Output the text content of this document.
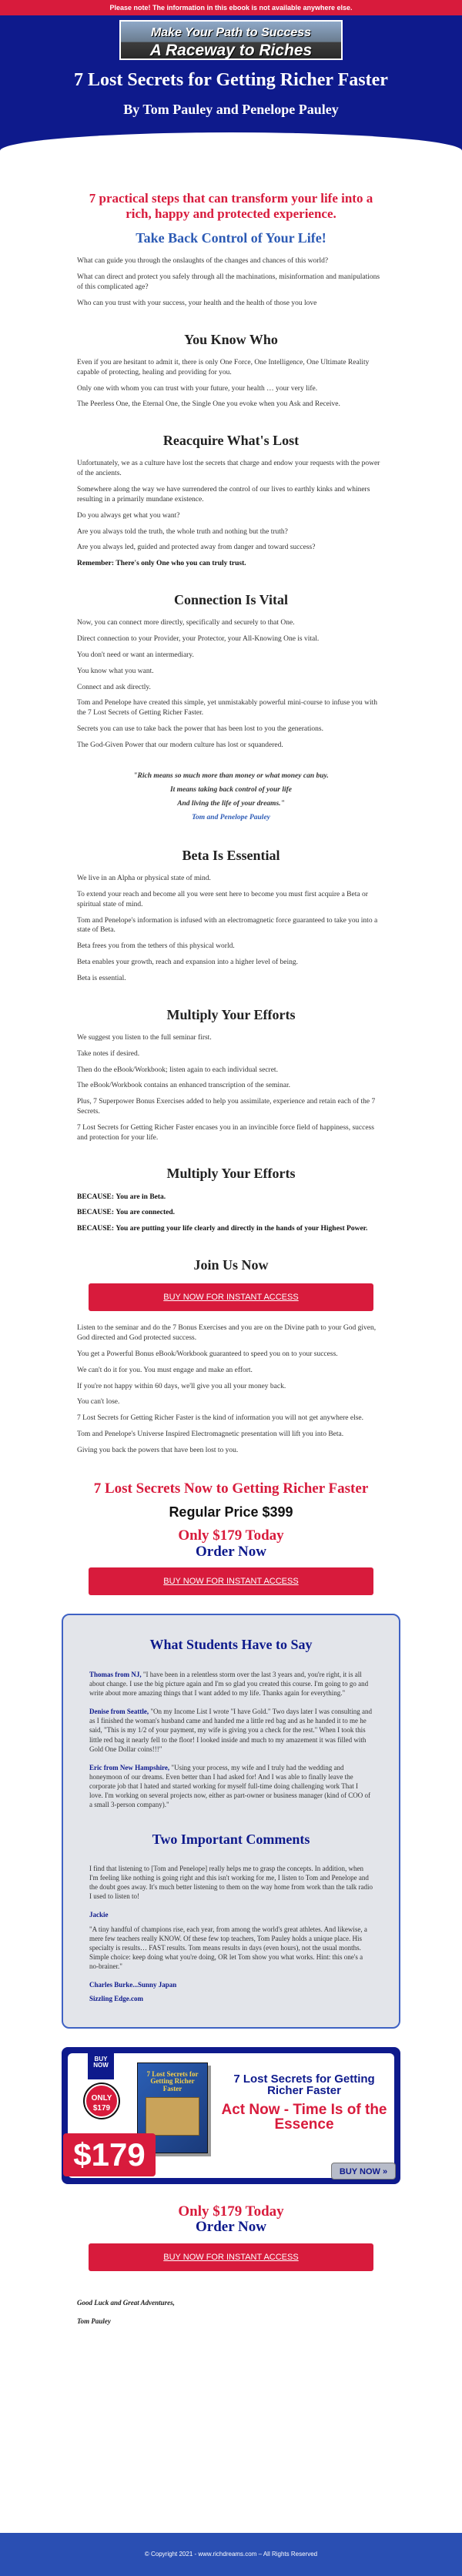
Please note! The information in this ebook is not available anywhere else.
Make Your Path to Success
A Raceway to Riches
7 Lost Secrets for Getting Richer Faster
By Tom Pauley and Penelope Pauley
7 practical steps that can transform your life into a rich, happy and protected experience.
Take Back Control of Your Life!

What can guide you through the onslaughts of the changes and chances of this world?

What can direct and protect you safely through all the machinations, misinformation and manipulations of this complicated age?

Who can you trust with your success, your health and the health of those you love

You Know Who

Even if you are hesitant to admit it, there is only One Force, One Intelligence, One Ultimate Reality capable of protecting, healing and providing for you.

Only one with whom you can trust with your future, your health … your very life.

The Peerless One, the Eternal One, the Single One you evoke when you Ask and Receive.

Reacquire What's Lost

Unfortunately, we as a culture have lost the secrets that charge and endow your requests with the power of the ancients.

Somewhere along the way we have surrendered the control of our lives to earthly kinks and whiners resulting in a primarily mundane existence.

Do you always get what you want?

Are you always told the truth, the whole truth and nothing but the truth?

Are you always led, guided and protected away from danger and toward success?

Remember: There's only One who you can truly trust.

Connection Is Vital

Now, you can connect more directly, specifically and securely to that One.

Direct connection to your Provider, your Protector, your All-Knowing One is vital.

You don't need or want an intermediary.

You know what you want.

Connect and ask directly.

Tom and Penelope have created this simple, yet unmistakably powerful mini-course to infuse you with the 7 Lost Secrets of Getting Richer Faster.

Secrets you can use to take back the power that has been lost to you the generations.

The God-Given Power that our modern culture has lost or squandered.

"Rich means so much more than money or what money can buy.
It means taking back control of your life
And living the life of your dreams."
Tom and Penelope Pauley
Beta Is Essential

We live in an Alpha or physical state of mind.

To extend your reach and become all you were sent here to become you must first acquire a Beta or spiritual state of mind.

Tom and Penelope's information is infused with an electromagnetic force guaranteed to take you into a state of Beta.

Beta frees you from the tethers of this physical world.

Beta enables your growth, reach and expansion into a higher level of being.

Beta is essential.

Multiply Your Efforts

We suggest you listen to the full seminar first.

Take notes if desired.

Then do the eBook/Workbook; listen again to each individual secret.

The eBook/Workbook contains an enhanced transcription of the seminar.

Plus, 7 Superpower Bonus Exercises added to help you assimilate, experience and retain each of the 7 Secrets.

7 Lost Secrets for Getting Richer Faster encases you in an invincible force field of happiness, success and protection for your life.

Multiply Your Efforts

BECAUSE: You are in Beta.

BECAUSE: You are connected.

BECAUSE: You are putting your life clearly and directly in the hands of your Highest Power.

Join Us Now
BUY NOW FOR INSTANT ACCESS

Listen to the seminar and do the 7 Bonus Exercises and you are on the Divine path to your God given, God directed and God protected success.

You get a Powerful Bonus eBook/Workbook guaranteed to speed you on to your success.

We can't do it for you. You must engage and make an effort.

If you're not happy within 60 days, we'll give you all your money back.

You can't lose.

7 Lost Secrets for Getting Richer Faster is the kind of information you will not get anywhere else.

Tom and Penelope's Universe Inspired Electromagnetic presentation will lift you into Beta.

Giving you back the powers that have been lost to you.

7 Lost Secrets Now to Getting Richer Faster
Regular Price $399
Only $179 Today
Order Now
BUY NOW FOR INSTANT ACCESS
What Students Have to Say
Thomas from NJ, "I have been in a relentless storm over the last 3 years and, you're right, it is all about change. I use the big picture again and I'm so glad you created this course. I'm going to go and write about more amazing things that I want added to my life. Thanks again for everything."
Denise from Seattle, "On my Income List I wrote "I have Gold." Two days later I was consulting and as I finished the woman's husband came and handed me a little red bag and as he handed it to me he said, "This is my 1/2 of your payment, my wife is giving you a check for the rest." When I took this little red bag it nearly fell to the floor! I looked inside and much to my amazement it was filled with Gold One Dollar coins!!!"
Eric from New Hampshire, "Using your process, my wife and I truly had the wedding and honeymoon of our dreams. Even better than I had asked for! And I was able to finally leave the corporate job that I hated and started working for myself full-time doing challenging work That I love. I'm working on several projects now, either as part-owner or business manager (kind of COO of a small 3-person company)."
Two Important Comments
I find that listening to [Tom and Penelope] really helps me to grasp the concepts. In addition, when I'm feeling like nothing is going right and this isn't working for me, I listen to Tom and Penelope and the doubt goes away. It's much better listening to them on the way home from work than the talk radio I used to listen to!
Jackie
"A tiny handful of champions rise, each year, from among the world's great athletes. And likewise, a mere few teachers really KNOW. Of these few top teachers, Tom Pauley holds a unique place. His specialty is results… FAST results. Tom means results in days (even hours), not the usual months. Simple choice: keep doing what you're doing, OR let Tom show you what works. Hint: this one's a no-brainer."
Charles Burke...Sunny Japan
Sizzling Edge.com
BUY NOW
ONLY
$179
7 Lost Secrets for Getting Richer Faster
$179
7 Lost Secrets for Getting Richer Faster
Act Now - Time Is of the Essence
BUY NOW »
Only $179 Today
Order Now
BUY NOW FOR INSTANT ACCESS
Good Luck and Great Adventures,
Tom Pauley
© Copyright 2021 - www.richdreams.com – All Rights Reserved
